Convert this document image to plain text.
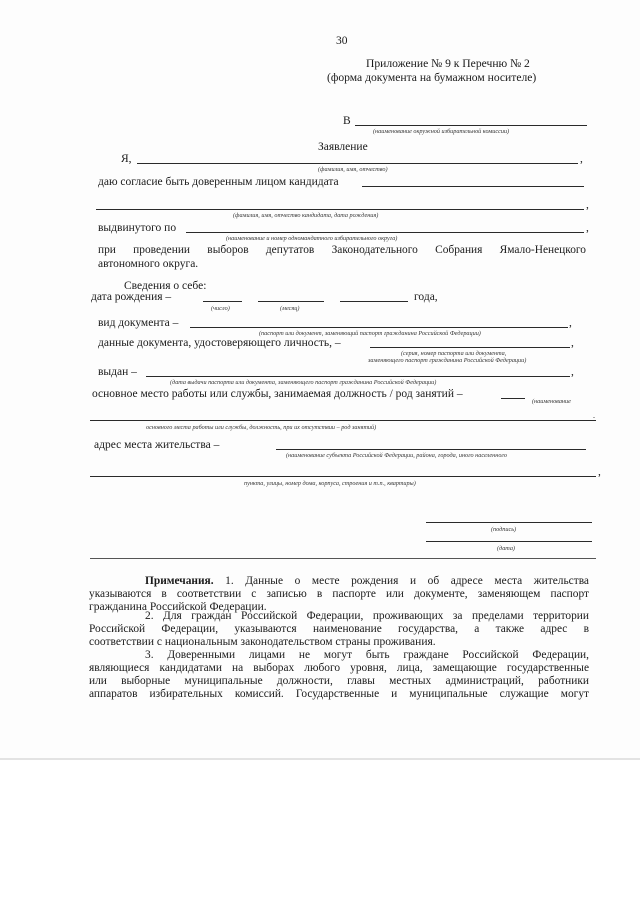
30
Приложение № 9 к Перечню № 2
(форма документа на бумажном носителе)
В
(наименование окружной избирательной комиссии)
Заявление
Я,	,
(фамилия, имя, отчество)
даю согласие быть доверенным лицом кандидата
,
(фамилия, имя, отчество кандидата, дата рождения)
выдвинутого по	,
(наименование и номер одномандатного избирательного округа)
при проведении выборов депутатов Законодательного Собрания Ямало-Ненецкого
автономного округа.
Сведения о себе:
дата рождения –	года,
(число)	(месяц)
вид документа –	,
(паспорт или документ, заменяющий паспорт гражданина Российской Федерации)
данные документа, удостоверяющего личность, –	,
(серия, номер паспорта или документа,
заменяющего паспорт гражданина Российской Федерации)
выдан –	,
(дата выдачи паспорта или документа, заменяющего паспорт гражданина Российской Федерации)
основное место работы или службы, занимаемая должность / род занятий –
(наименование
.
основного места работы или службы, должность, при их отсутствии – род занятий)
адрес места жительства –
(наименование субъекта Российской Федерации, района, города, иного населенного
,
пункта, улицы, номер дома, корпуса, строения и т.п., квартиры)
(подпись)
(дата)
Примечания. 1. Данные о месте рождения и об адресе места жительства
указываются в соответствии с записью в паспорте или документе, заменяющем паспорт
гражданина Российской Федерации.
2. Для граждан Российской Федерации, проживающих за пределами территории
Российской Федерации, указываются наименование государства, а также адрес в
соответствии с национальным законодательством страны проживания.
3. Доверенными лицами не могут быть граждане Российской Федерации,
являющиеся кандидатами на выборах любого уровня, лица, замещающие государственные
или выборные муниципальные должности, главы местных администраций, работники
аппаратов избирательных комиссий. Государственные и муниципальные служащие могут
